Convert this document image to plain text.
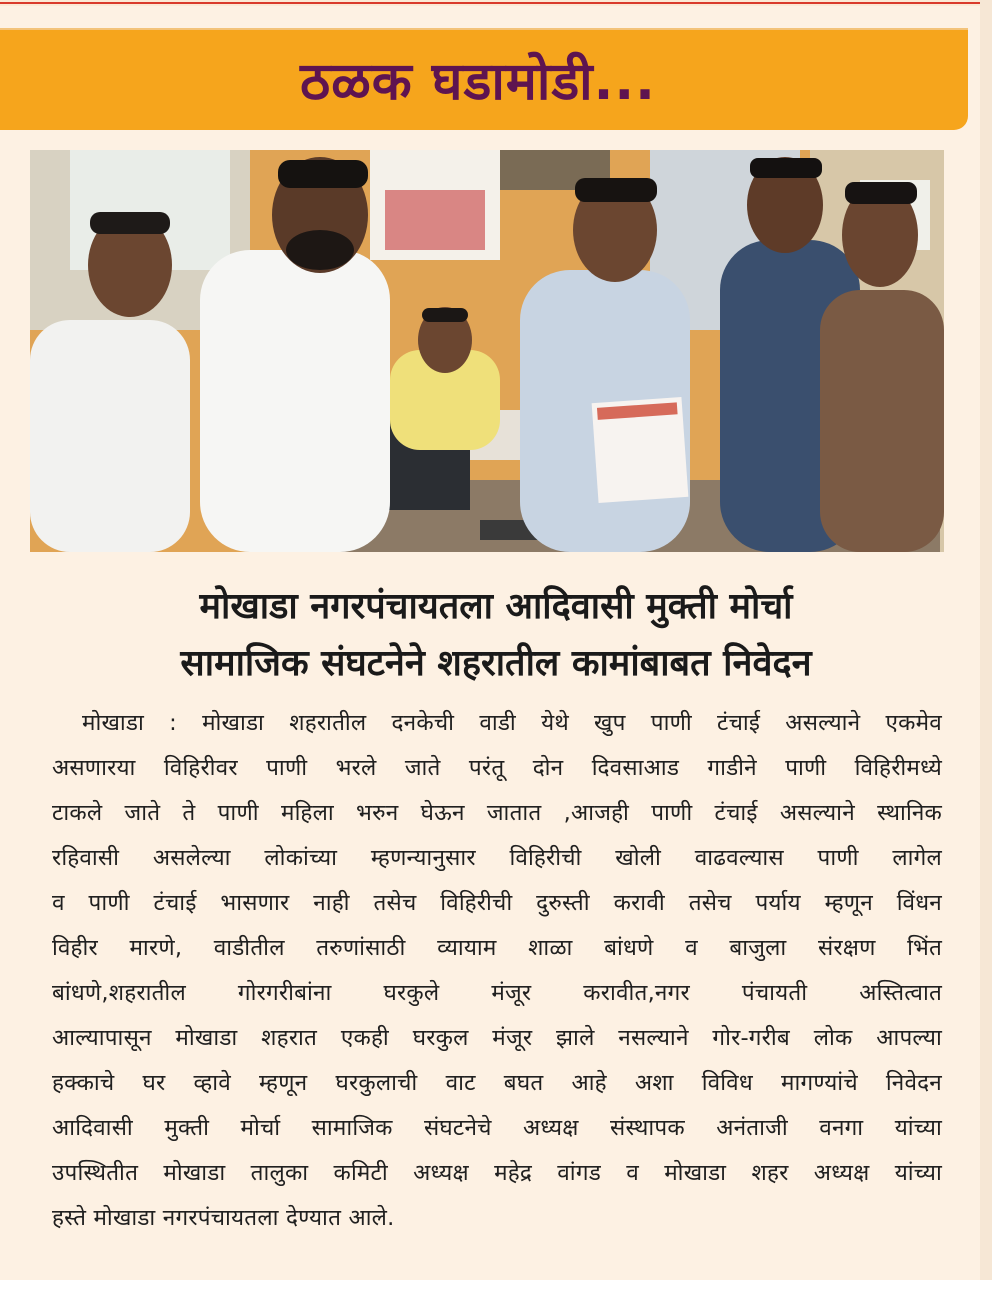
ठळक घडामोडी...
मोखाडा नगरपंचायतला आदिवासी मुक्ती मोर्चा
सामाजिक संघटनेने शहरातील कामांबाबत निवेदन
मोखाडा : मोखाडा शहरातील दनकेची वाडी येथे खुप पाणी टंचाई असल्याने एकमेव
असणारया विहिरीवर पाणी भरले जाते परंतू दोन दिवसाआड गाडीने पाणी विहिरीमध्ये
टाकले जाते ते पाणी महिला भरुन घेऊन जातात ,आजही पाणी टंचाई असल्याने स्थानिक
रहिवासी असलेल्या लोकांच्या म्हणन्यानुसार विहिरीची खोली वाढवल्यास पाणी लागेल
व पाणी टंचाई भासणार नाही तसेच विहिरीची दुरुस्ती करावी तसेच पर्याय म्हणून विंधन
विहीर मारणे, वाडीतील तरुणांसाठी व्यायाम शाळा बांधणे व बाजुला संरक्षण भिंत
बांधणे,शहरातील गोरगरीबांना घरकुले मंजूर करावीत,नगर पंचायती अस्तित्वात
आल्यापासून मोखाडा शहरात एकही घरकुल मंजूर झाले नसल्याने गोर-गरीब लोक आपल्या
हक्काचे घर व्हावे म्हणून घरकुलाची वाट बघत आहे अशा विविध मागण्यांचे निवेदन
आदिवासी मुक्ती मोर्चा सामाजिक संघटनेचे अध्यक्ष संस्थापक अनंताजी वनगा यांच्या
उपस्थितीत मोखाडा तालुका कमिटी अध्यक्ष महेद्र वांगड व मोखाडा शहर अध्यक्ष यांच्या
हस्ते मोखाडा नगरपंचायतला देण्यात आले.
